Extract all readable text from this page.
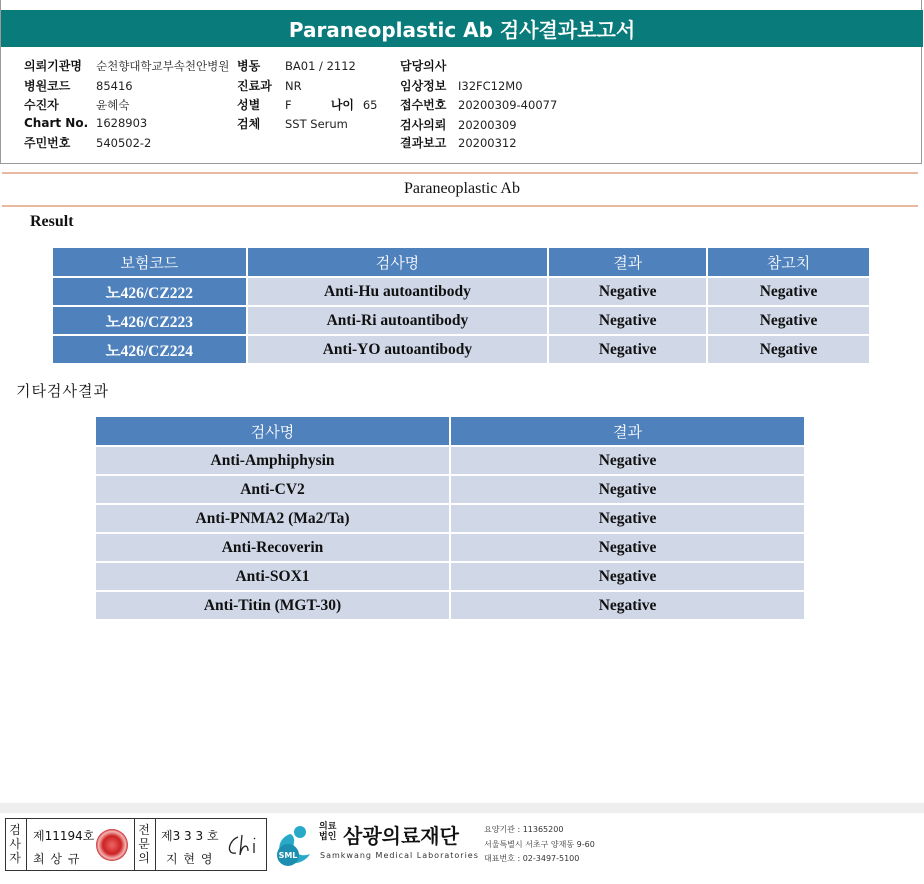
Paraneoplastic Ab 검사결과보고서
의뢰기관명 순천향대학교부속천안병원
병원코드 85416
수진자	윤혜숙
Chart No. 1628903
주민번호 540502-2
병동 BA01 / 2112
진료과 NR
성별 F	나이 65
검체 SST Serum
담당의사
임상정보 I32FC12M0
접수번호 20200309-40077
검사의뢰 20200309
결과보고 20200312
Paraneoplastic Ab
Result
보험코드	검사명	결과	참고치
노426/CZ222	Anti-Hu autoantibody	Negative	Negative
노426/CZ223	Anti-Ri autoantibody	Negative	Negative
노426/CZ224	Anti-YO autoantibody	Negative	Negative
기타검사결과
검사명	결과
Anti-Amphiphysin	Negative
Anti-CV2	Negative
Anti-PNMA2 (Ma2/Ta)	Negative
Anti-Recoverin	Negative
Anti-SOX1	Negative
Anti-Titin (MGT-30)	Negative
검사자
제11194호
최 상 규
전문의
제3 3 3 호
지 현 영	SML
의료법인 삼광의료재단
Samkwang Medical Laboratories
요양기관 : 11365200
서울특별시 서초구 양재동 9-60
대표번호 : 02-3497-5100
